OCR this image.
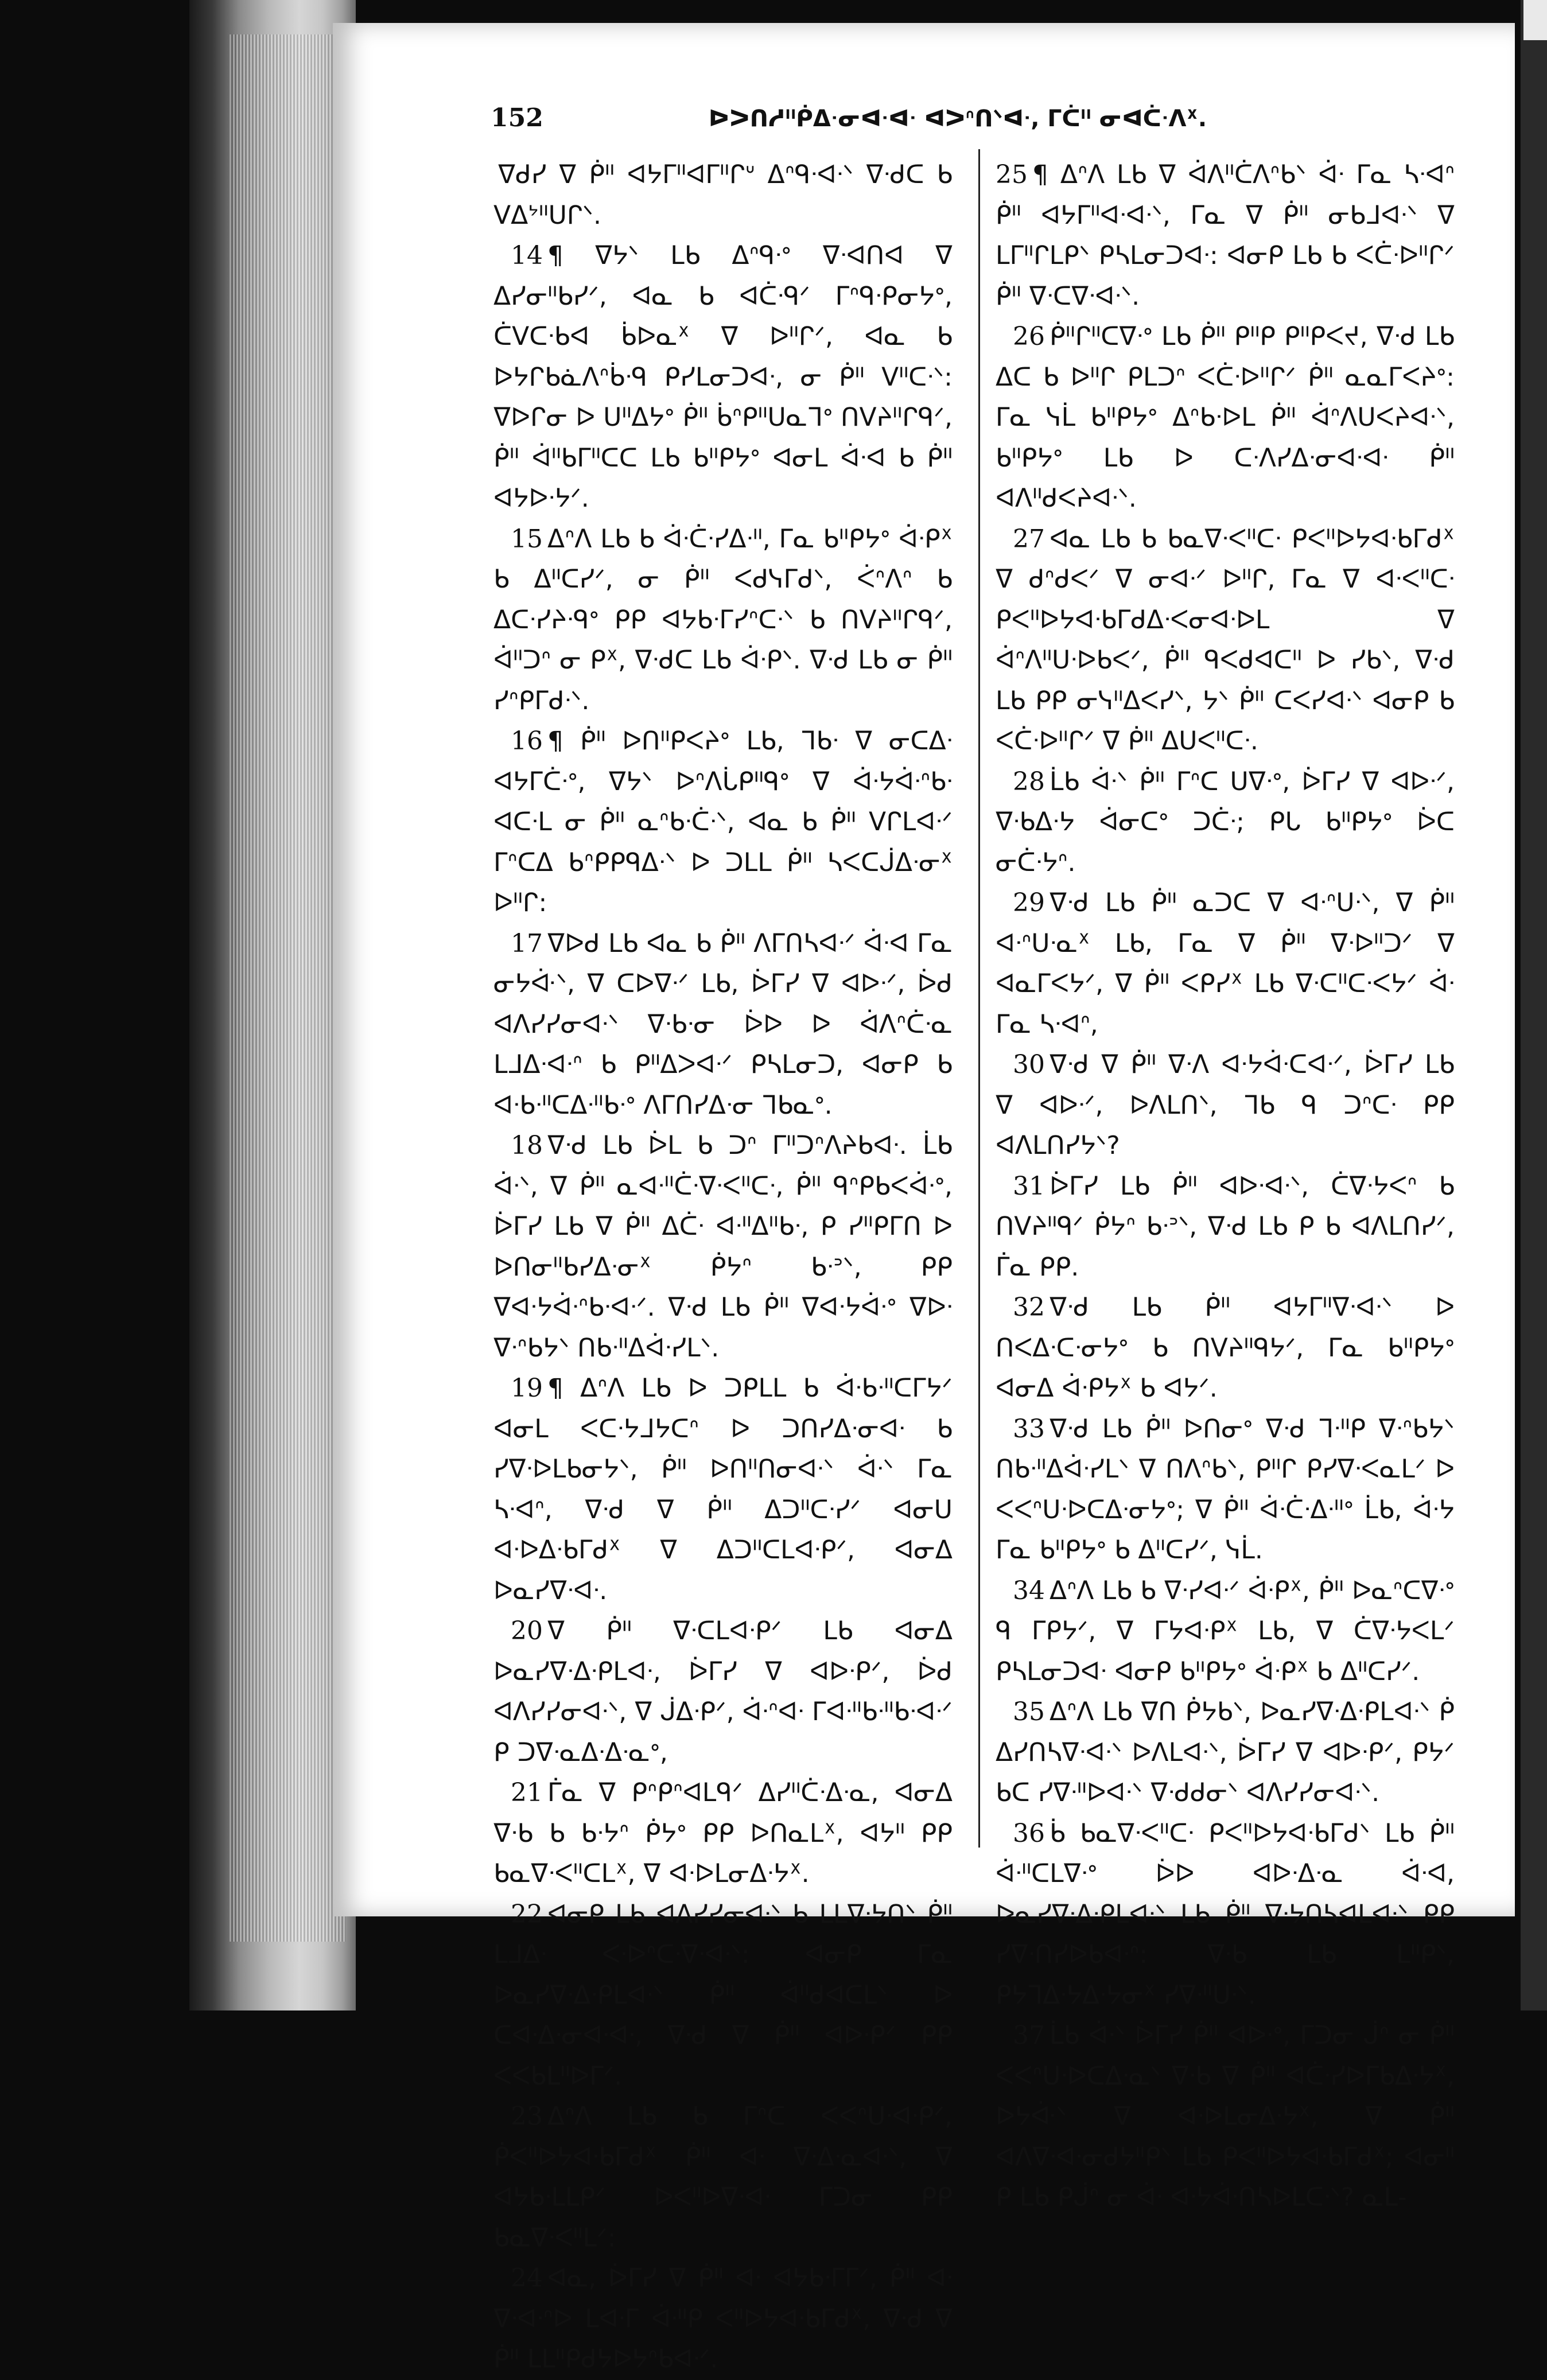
152	ᐅᐳᑎᓱᐦᑮᐃᐧᓂᐊᐧᐊᐧ ᐊᐳᐢᑎᐠᐊᐧ, ᒥᑖᐦ ᓂᐊᑖᐧᐱᕽ.

ᐁᑯᓯ ᐁ ᑮᐦ ᐊᔭᒥᐦᐊᒥᐦᒋᐡ ᐃᐢᑫᐧᐊᐧᐠ ᐁᐧᑯᑕ ᑲ ᐯᐃᔾᐦᑌᒋᐠ.

14 ¶ ᐁᔭᐠ ᒪᑲ ᐃᐢᑫᐧᐤ ᐁᐧᐊᑎᐊ ᐁ ᐃᓯᓂᐦᑲᓯᐟ, ᐊᓇ ᑲ ᐊᑖᐧᑫᐟ ᒥᐢᑫᐧᑭᓂᔭᐤ, ᑖᐯᑕᐧᑲᐊ ᑳᐅᓇᕽ ᐁ ᐅᐦᒋᐟ, ᐊᓇ ᑲ ᐅᔭᒋᑲᓈᐱᐢᑳᐧᑫ ᑭᓯᒪᓂᑐᐊᐧ, ᓂ ᑮᐦ ᐯᐦᑕᐧᐠ: ᐁᐅᒋᓂ ᐅ ᑌᐦᐃᔭᐤ ᑮᐦ ᑳᐢᑭᐦᑌᓇᒣᐤ ᑎᐯᔨᐦᒋᑫᐟ, ᑮᐦ ᐋᐦᑲᒥᐦᑕᑕ ᒪᑲ ᑲᐦᑭᔭᐤ ᐊᓂᒪ ᐋᐧᐊ ᑲ ᑮᐦ ᐊᔭᐅᐧᔭᐟ.

15 ᐃᐢᐱ ᒪᑲ ᑲ ᐋᐧᑖᐧᓯᐃᐧᐦ, ᒥᓇ ᑲᐦᑭᔭᐤ ᐋᐧᑭᕽ ᑲ ᐃᐦᑕᓯᐟ, ᓂ ᑮᐦ ᐸᑯᓭᒥᑯᐠ, ᐹᐢᐱᐢ ᑲ ᐃᑕᐧᓯᔨᐧᑫᐤ ᑭᑭ ᐊᔭᑲᐧᒥᓯᐢᑕᐧᐠ ᑲ ᑎᐯᔨᐦᒋᑫᐟ, ᐋᐦᑐᐢ ᓂ ᑭᕽ, ᐁᐧᑯᑕ ᒪᑲ ᐋᐧᑭᐠ. ᐁᐧᑯ ᒪᑲ ᓂ ᑮᐦ ᓯᐢᑭᒥᑯᐧᐠ.

16 ¶ ᑮᐦ ᐅᑎᐦᑭᐸᔨᐤ ᒪᑲ, ᒣᑲᐧ ᐁ ᓂᑕᐃᐧ ᐊᔭᒥᑖᐧᐤ, ᐁᔭᐠ ᐅᐢᐱᒑᑭᐦᑫᐤ ᐁ ᐋᐧᔭᐋᐧᐢᑲᐧ ᐊᑕᐧᒪ ᓂ ᑮᐦ ᓇᐢᑲᐧᑖᐧᐠ, ᐊᓇ ᑲ ᑮᐦ ᐯᒋᒪᐊᐧᐟ ᒥᐢᑕᐃ ᑲᐢᑭᑭᑫᐃᐧᐠ ᐅ ᑐᒪᒪ ᑮᐦ ᓴᐸᑕᒎᐃᐧᓂᕽ ᐅᐦᒋ:

17 ᐁᐅᑯ ᒪᑲ ᐊᓇ ᑲ ᑮᐦ ᐱᒥᑎᓴᐊᐧᐟ ᐋᐧᐊ ᒥᓇ ᓂᔭᐚᐠ, ᐁ ᑕᐅᐁᐧᐟ ᒪᑲ, ᐆᒥᓯ ᐁ ᐊᐅᐧᐟ, ᐆᑯ ᐊᐱᓯᓯᓂᐊᐧᐠ ᐁᐧᑲᐧᓂ ᐆᐅ ᐅ ᐋᐱᐢᑖᐧᓇ ᒪᒧᐃᐧᐊᐧᐢ ᑲ ᑭᐦᐃᐳᐊᐧᐟ ᑭᓴᒪᓂᑐ, ᐊᓂᑭ ᑲ ᐊᐧᑲᐧᐦᑕᐃᐧᐦᑲᐧᐤ ᐱᒥᑎᓯᐃᐧᓂ ᒣᑲᓇᐤ.

18 ᐁᐧᑯ ᒪᑲ ᐆᒪ ᑲ ᑐᐢ ᒥᐦᑐᐢᐱᔨᑲᐊᐧ. ᒫᑲ ᐋᐧᐠ, ᐁ ᑮᐦ ᓇᐊᐧᐦᑖᐧᐁᐧᐸᐦᑕᐧ, ᑮᐦ ᑫᐢᑭᑲᐸᐋᐧᐤ, ᐆᒥᓯ ᒪᑲ ᐁ ᑮᐦ ᐃᑖᐧ ᐊᐧᐦᐃᐦᑲᐧ, ᑭ ᓯᐦᑭᒥᑎ ᐅ ᐅᑎᓂᐦᑲᓯᐃᐧᓂᕽ ᑮᔭᐢ ᑲᐧᐣᐠ, ᑭᑭ ᐁᐊᐧᔭᐋᐧᐢᑲᐧᐊᐧᐟ. ᐁᐧᑯ ᒪᑲ ᑮᐦ ᐁᐊᐧᔭᐋᐧᐤ ᐁᐅᐧ ᐁᐧᐢᑲᔭᐠ ᑎᑲᐧᐦᐃᐋᐧᓯᒪᐠ.

19 ¶ ᐃᐢᐱ ᒪᑲ ᐅ ᑐᑭᒪᒪ ᑲ ᐋᐧᑲᐧᐦᑕᒥᔭᐟ ᐊᓂᒪ ᐸᑕᐧᔭᒧᔭᑕᐢ ᐅ ᑐᑎᓯᐃᐧᓂᐊᐧ ᑲ ᓯᐁᐧᐅᒪᑲᓂᔭᐠ, ᑮᐦ ᐅᑎᐦᑎᓂᐊᐧᐠ ᐋᐧᐠ ᒥᓇ ᓴᐧᐊᐢ, ᐁᐧᑯ ᐁ ᑮᐦ ᐃᑐᐦᑕᐧᓯᐟ ᐊᓂᑌ ᐊᐧᐅᐃᐧᑲᒥᑯᕽ ᐁ ᐃᑐᐦᑕᒪᐊᐧᑭᐟ, ᐊᓂᐃ ᐅᓇᓯᐁᐧᐊᐧ.

20 ᐁ ᑮᐦ ᐁᐧᑕᒪᐊᐧᑭᐟ ᒪᑲ ᐊᓂᐃ ᐅᓇᓯᐁᐧᐃᐧᑭᒪᐊᐧ, ᐆᒥᓯ ᐁ ᐊᐅᐧᑭᐟ, ᐆᑯ ᐊᐱᓯᓯᓂᐊᐧᐠ, ᐁ ᒎᐃᐧᑭᐟ, ᐋᐧᐢᐊᐧ ᒥᐊᐧᐦᑲᐧᐦᑲᐧᐊᐧᐟ ᑭ ᑐᐁᐧᓇᐃᐧᐃᐧᓇᐤ,

21 ᒦᓇ ᐁ ᑭᐢᑭᐢᐊᒪᑫᐟ ᐃᓯᐦᑖᐧᐃᐧᓇ, ᐊᓂᐃ ᐁᐧᑲ ᑲ ᑲᐧᔭᐢ ᑮᔭᐤ ᑭᑭ ᐅᑎᓇᒪᕽ, ᐊᔭᐦ ᑭᑭ ᑲᓇᐁᐧᐸᐦᑕᒪᕽ, ᐁ ᐊᐧᐅᒪᓂᐃᐧᔭᕽ.

22 ᐊᓂᑭ ᒪᑲ ᐊᐱᓯᓯᓂᐊᐧᐠ ᑲ ᒪᒪᐁᐧᔭᑎᐠ ᑮᐦ ᒪᒧᐃᐧ ᐸᐧᐅᐢᑕᐧᐁᐧᐊᐧᐠ: ᐊᓂᑭ ᒥᓇ ᐅᓇᓯᐁᐧᐃᐧᑭᒪᐊᐧᐠ ᑮᐦ ᐋᐦᑯᐊᑕᒪᐠ ᐅ ᑕᐊᐧᐃᐧᓂᐊᐧᐊᐧ, ᐁᐧᑯ ᐁ ᑮᐦ ᐊᐅᐧᑭᐟ ᑭᑭ ᐸᐸᑲᒪᐦᐅᒥᐟ.

23 ᐃᐢᐱ ᒪᑲ ᑲ ᒥᐢᑕ ᐸᐸᐢᑌᐧᐊᐧᑭᐟ, ᑮᐸᐦᐅᔭᐊᐧᑲᒥᑯᕽ ᑮᐦ ᐊᐧ ᐁᐧᐃᐧᓇᐊᐧᐠ, ᐁ ᐊᔭᑲᐧᒪᒪᑭᐟ ᐅᐸᐦᐅᐁᐧᐊᐧ ᒥᑐᓂ ᑭᑭ ᑲᓇᐁᐧᐸᐦᒪᐟ:

24 ᐊᓇ, ᐆᒥᓯ ᐁ ᑮᐦ ᐊᐧ ᐊᔭᑲᐧᒥᒥᐟ, ᑮᐦ ᐊᐧ ᐁᐧᐊᐧᐢᐅ ᒪᐊᐧᒥ ᐋᐧᐦᑭ ᐸᐦᐅᔭᐊᐧᑲᒥᑯᕽ, ᐁᐧᑯ ᐁ ᑮᐦ ᒪᒪᐦᑭᑯᔭᐅᔭᐢᑲᐊᐧᐟ.

25 ¶ ᐃᐢᐱ ᒪᑲ ᐁ ᐋᐱᐦᑖᐱᐢᑲᐠ ᐋᐧ ᒥᓇ ᓴᐧᐊᐢ ᑮᐦ ᐊᔭᒥᐦᐊᐧᐊᐧᐠ, ᒥᓇ ᐁ ᑮᐦ ᓂᑲᒧᐊᐧᐠ ᐁ ᒪᒥᐦᒋᒪᑭᐠ ᑭᓴᒪᓂᑐᐊᐧ: ᐊᓂᑭ ᒪᑲ ᑲ ᐸᑖᐧᐅᐦᒋᐟ ᑮᐦ ᐁᐧᑕᐁᐧᐊᐧᐠ.

26 ᑮᐦᒋᐦᑕᐁᐧᐤ ᒪᑲ ᑮᐦ ᑭᐦᑭ ᑭᐦᑭᐸᔪ, ᐁᐧᑯ ᒪᑲ ᐃᑕ ᑲ ᐅᐦᒋ ᑭᒪᑐᐢ ᐸᑖᐧᐅᐦᒋᐟ ᑮᐦ ᓇᓇᒥᐸᔨᐤ: ᒥᓇ ᓭᒫ ᑲᐦᑭᔭᐤ ᐃᐢᑲᐧᐅᒪ ᑮᐦ ᐋᐢᐱᑌᐸᔨᐊᐧᐠ, ᑲᐦᑭᔭᐤ ᒪᑲ ᐅ ᑕᐧᐱᓯᐃᐧᓂᐊᐧᐊᐧ ᑮᐦ ᐊᐱᐦᑯᐸᔨᐊᐧᐠ.

27 ᐊᓇ ᒪᑲ ᑲ ᑲᓇᐁᐧᐸᐦᑕᐧ ᑭᐸᐦᐅᔭᐊᐧᑲᒥᑯᕽ ᐁ ᑯᐢᑯᐸᐟ ᐁ ᓂᐊᐧᐟ ᐅᐦᒋ, ᒥᓇ ᐁ ᐊᐧᐸᐦᑕᐧ ᑭᐸᐦᐅᔭᐊᐧᑲᒥᑯᐃᐧᐸᓂᐊᐧᐅᒪ ᐁ ᐋᐢᐱᐦᑌᐧᐅᑲᐸᐟ, ᑮᐦ ᑫᐸᑯᐊᑕᐦ ᐅ ᓯᑲᐠ, ᐁᐧᑯ ᒪᑲ ᑭᑭ ᓂᓭᐦᐃᐸᓯᐠ, ᔭᐠ ᑮᐦ ᑕᐸᓯᐊᐧᐠ ᐊᓂᑭ ᑲ ᐸᑖᐧᐅᐦᒋᐟ ᐁ ᑮᐦ ᐃᑌᐸᐦᑕᐧ.

28 ᒫᑲ ᐋᐧᐠ ᑮᐦ ᒥᐢᑕ ᑌᐁᐧᐤ, ᐆᒥᓯ ᐁ ᐊᐅᐧᐟ, ᐁᐧᑲᐃᐧᔭ ᐋᓂᑕᐤ ᑐᑖᐧ; ᑭᒐ ᑲᐦᑭᔭᐤ ᐆᑕ ᓂᑖᐧᔭᐢ.

29 ᐁᐧᑯ ᒪᑲ ᑮᐦ ᓇᑐᑕ ᐁ ᐊᐧᐢᑌᐧᐠ, ᐁ ᑮᐦ ᐊᐧᐢᑌᐧᓇᕽ ᒪᑲ, ᒥᓇ ᐁ ᑮᐦ ᐁᐧᐅᐦᑐᐟ ᐁ ᐊᓇᒥᐸᔭᐟ, ᐁ ᑮᐦ ᐸᑭᓯᕽ ᒪᑲ ᐁᐧᑕᐦᑕᐧᐸᔭᐟ ᐋᐧ ᒥᓇ ᓴᐧᐊᐢ,

30 ᐁᐧᑯ ᐁ ᑮᐦ ᐁᐧᐱ ᐊᐧᔭᐋᐧᑕᐊᐧᐟ, ᐆᒥᓯ ᒪᑲ ᐁ ᐊᐅᐧᐟ, ᐅᐱᒪᑎᐠ, ᒣᑲ ᑫ ᑐᐢᑕᐧ ᑭᑭ ᐊᐱᒪᑎᓯᔭᐠ?

31 ᐆᒥᓯ ᒪᑲ ᑮᐦ ᐊᐅᐧᐊᐧᐠ, ᑖᐁᐧᔭᐸᐢ ᑲ ᑎᐯᔨᐦᑫᐟ ᑮᔭᐢ ᑲᐧᐣᐠ, ᐁᐧᑯ ᒪᑲ ᑭ ᑲ ᐊᐱᒪᑎᓯᐟ, ᒦᓇ ᑭᑭ.

32 ᐁᐧᑯ ᒪᑲ ᑮᐦ ᐊᔭᒥᐦᐁᐧᐊᐧᐠ ᐅ ᑎᐸᐃᐧᑕᐧᓂᔭᐤ ᑲ ᑎᐯᔨᐦᑫᔭᐟ, ᒥᓇ ᑲᐦᑭᔭᐤ ᐊᓂᐃ ᐋᐧᑭᔭᕽ ᑲ ᐊᔭᐟ.

33 ᐁᐧᑯ ᒪᑲ ᑮᐦ ᐅᑎᓂᐤ ᐁᐧᑯ ᒣᐧᐦᑭ ᐁᐧᐢᑲᔭᐠ ᑎᑲᐧᐦᐃᐋᐧᓯᒪᐠ ᐁ ᑎᐱᐢᑲᐠ, ᑭᐦᒋ ᑭᓯᐁᐧᐸᓇᒪᐟ ᐅ ᐸᐸᐢᑌᐧᐅᑕᐃᐧᓂᔭᐤ; ᐁ ᑮᐦ ᐋᐧᑖᐧᐃᐧᐦᐤ ᒫᑲ, ᐋᐧᔭ ᒥᓇ ᑲᐦᑭᔭᐤ ᑲ ᐃᐦᑕᓯᐟ, ᓭᒫ.

34 ᐃᐢᐱ ᒪᑲ ᑲ ᐁᐧᓯᐊᐧᐟ ᐋᐧᑭᕽ, ᑮᐦ ᐅᓇᐢᑕᐁᐧᐤ ᑫ ᒥᑭᔭᐟ, ᐁ ᒥᔭᐊᐧᑭᕽ ᒪᑲ, ᐁ ᑖᐁᐧᔭᐸᒪᐟ ᑭᓴᒪᓂᑐᐊᐧ ᐊᓂᑭ ᑲᐦᑭᔭᐤ ᐋᐧᑭᕽ ᑲ ᐃᐦᑕᓯᐟ.

35 ᐃᐢᐱ ᒪᑲ ᐁᑎ ᑮᔭᑲᐠ, ᐅᓇᓯᐁᐧᐃᐧᑭᒪᐊᐧᐠ ᑮ ᐃᓯᑎᓴᐁᐧᐊᐧᐠ ᐅᐱᒪᐊᐧᐠ, ᐆᒥᓯ ᐁ ᐊᐅᐧᑭᐟ, ᑭᔭᐟ ᑲᑕ ᓯᐁᐧᐦᐅᐊᐧᐠ ᐁᐧᑯᑯᓂᐠ ᐊᐱᓯᓯᓂᐊᐧᐠ.

36 ᑳ ᑲᓇᐁᐧᐸᐦᑕᐧ ᑭᐸᐦᐅᔭᐊᐧᑲᒥᑯᐠ ᒪᑲ ᑮᐦ ᐋᐧᐦᑕᒪᐁᐧᐤ ᐆᐅ ᐊᐅᐧᐃᐧᓇ ᐋᐧᐊ, ᐅᓇᓯᐁᐧᐃᐧᑭᒪᐊᐧᐠ ᒪᑲ ᑮᐦ ᐁᐧᔭᑎᓴᐊᒪᐊᐧᐠ ᑭᑭ ᓯᐁᐧᑎᓯᐅᑲᐊᐧᐢ: ᐁᐧᑲ ᒪᑲ ᒪᐦᑭᐠ, ᑭᔭᒣᐃᐧᔭᐃᐧᔭᓂᕽ ᓯᐁᐧᐦᑌᐧᐠ.

37 ᒫᑲ ᐋᐧᐠ ᐆᒥᓯ ᑮᐦ ᐊᐅᐧᐤ, ᒥᑐᓂ ᒎᐢ ᓂ ᑮᐦ ᐸᐸᐢᑌᐧᐅᑕᐃᐧᓇᐠ ᐁᐧᑲ ᐁ ᑮᐦ ᐊᑖᐧᓯᐅᒥᑲᐃᐧᔭᕽ, ᐅᔭᐚᐠ ᐁ ᐊᐧᐅᒪᓂᐃᐧᔭᕽ, ᐁ ᑮᐦ ᐊᐱᐁᐧᐊᐧᓂᑯᔭᐦᑭᐠ ᒪᑲ ᑭᐸᐦᐅᔭᐊᐧᑲᒥᑯᕽ; ᐊᓂᐦ ᑭ ᒪᑲ ᑭᒎᐢ ᓂ ᐋᐧ ᐊᐧᔭᐋᐧᑎᓴᐅᒪᑕᐧᐠ? ᓇᒪ-
